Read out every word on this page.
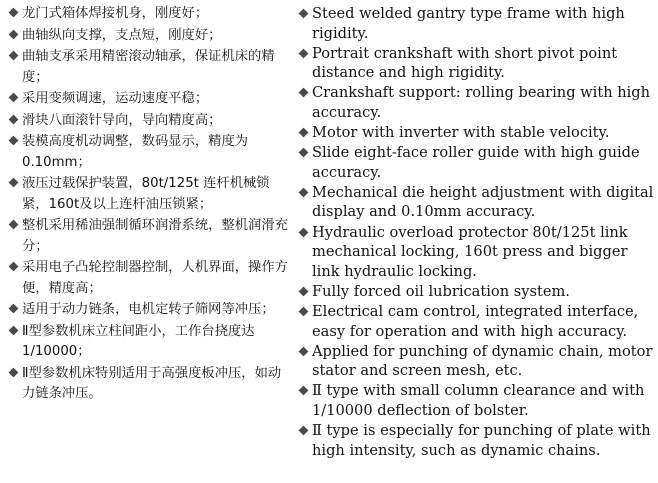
龙门式箱体焊接机身，刚度好；
曲轴纵向支撑，支点短，刚度好；
曲轴支承采用精密滚动轴承，保证机床的精度；
采用变频调速，运动速度平稳；
滑块八面滚针导向，导向精度高；
装模高度机动调整，数码显示，精度为0.10mm；
液压过载保护装置，80t/125t 连杆机械锁紧，160t及以上连杆油压锁紧；
整机采用稀油强制循环润滑系统，整机润滑充分；
采用电子凸轮控制器控制，人机界面，操作方便，精度高；
适用于动力链条，电机定转子筛网等冲压；
Ⅱ型参数机床立柱间距小，工作台挠度达1/10000；
Ⅱ型参数机床特别适用于高强度板冲压，如动力链条冲压。
Steed welded gantry type frame with high rigidity.
Portrait crankshaft with short pivot point distance and high rigidity.
Crankshaft support: rolling bearing with high accuracy.
Motor with inverter with stable velocity.
Slide eight-face roller guide with high guide accuracy.
Mechanical die height adjustment with digital display and 0.10mm accuracy.
Hydraulic overload protector 80t/125t link mechanical locking, 160t press and bigger link hydraulic locking.
Fully forced oil lubrication system.
Electrical cam control, integrated interface, easy for operation and with high accuracy.
Applied for punching of dynamic chain, motor stator and screen mesh, etc.
Ⅱ type with small column clearance and with 1/10000 deflection of bolster.
Ⅱ type is especially for punching of plate with high intensity, such as dynamic chains.
